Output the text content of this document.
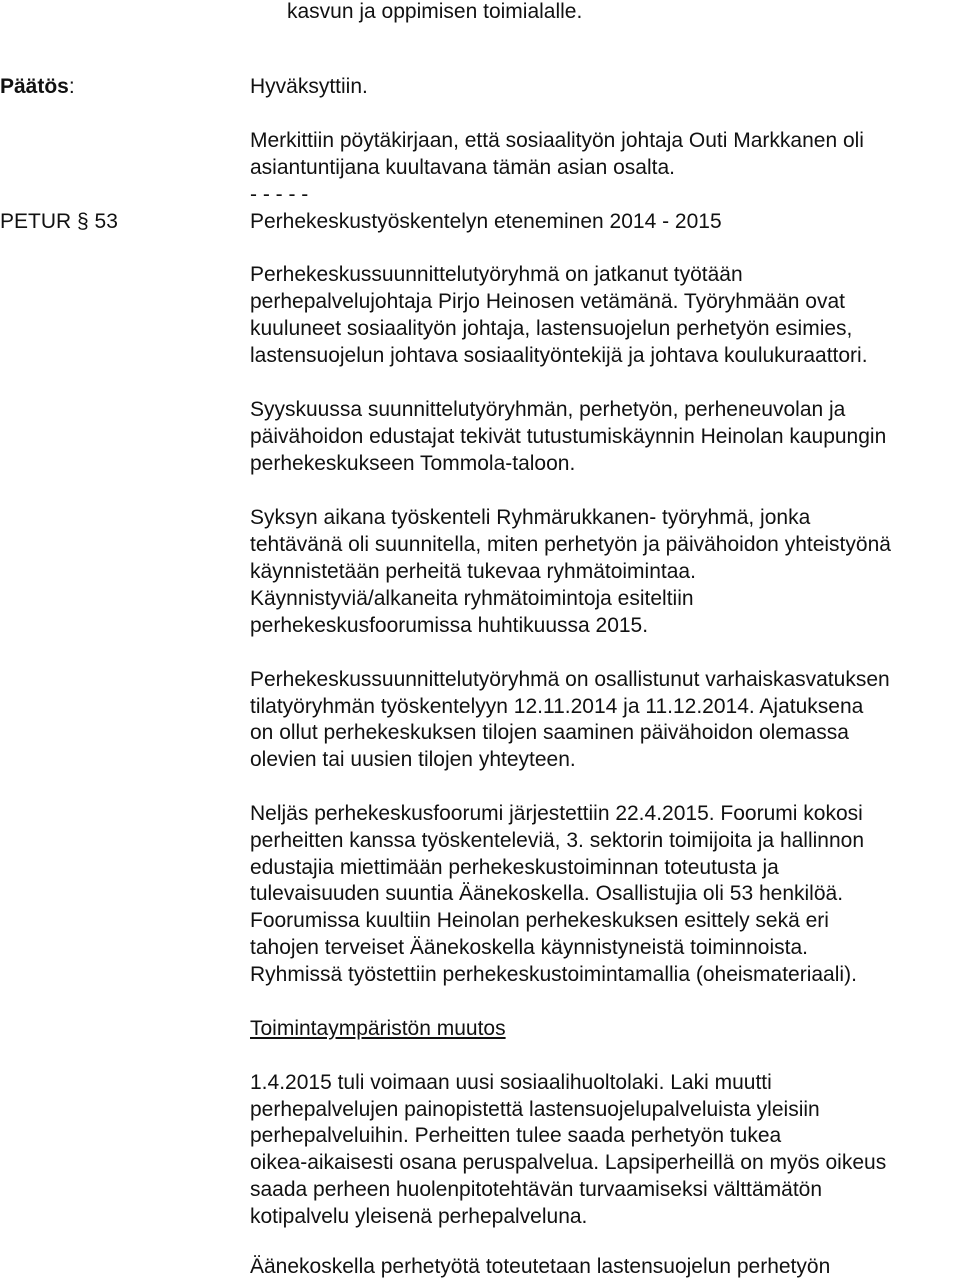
kasvun ja oppimisen toimialalle.
Päätös:	Hyväksyttiin.
Merkittiin pöytäkirjaan, että sosiaalityön johtaja Outi Markkanen oli
asiantuntijana kuultavana tämän asian osalta.
- - - - -
PETUR § 53	Perhekeskustyöskentelyn eteneminen 2014 - 2015
Perhekeskussuunnittelutyöryhmä on jatkanut työtään
perhepalvelujohtaja Pirjo Heinosen vetämänä. Työryhmään ovat
kuuluneet sosiaalityön johtaja, lastensuojelun perhetyön esimies,
lastensuojelun johtava sosiaalityöntekijä ja johtava koulukuraattori.
Syyskuussa suunnittelutyöryhmän, perhetyön, perheneuvolan ja
päivähoidon edustajat tekivät tutustumiskäynnin Heinolan kaupungin
perhekeskukseen Tommola-taloon.
Syksyn aikana työskenteli Ryhmärukkanen- työryhmä, jonka
tehtävänä oli suunnitella, miten perhetyön ja päivähoidon yhteistyönä
käynnistetään perheitä tukevaa ryhmätoimintaa.
Käynnistyviä/alkaneita ryhmätoimintoja esiteltiin
perhekeskusfoorumissa huhtikuussa 2015.
Perhekeskussuunnittelutyöryhmä on osallistunut varhaiskasvatuksen
tilatyöryhmän työskentelyyn 12.11.2014 ja 11.12.2014. Ajatuksena
on ollut perhekeskuksen tilojen saaminen päivähoidon olemassa
olevien tai uusien tilojen yhteyteen.
Neljäs perhekeskusfoorumi järjestettiin 22.4.2015. Foorumi kokosi
perheitten kanssa työskenteleviä, 3. sektorin toimijoita ja hallinnon
edustajia miettimään perhekeskustoiminnan toteutusta ja
tulevaisuuden suuntia Äänekoskella. Osallistujia oli 53 henkilöä.
Foorumissa kuultiin Heinolan perhekeskuksen esittely sekä eri
tahojen terveiset Äänekoskella käynnistyneistä toiminnoista.
Ryhmissä työstettiin perhekeskustoimintamallia (oheismateriaali).
Toimintaympäristön muutos
1.4.2015 tuli voimaan uusi sosiaalihuoltolaki. Laki muutti
perhepalvelujen painopistettä lastensuojelupalveluista yleisiin
perhepalveluihin. Perheitten tulee saada perhetyön tukea
oikea-aikaisesti osana peruspalvelua. Lapsiperheillä on myös oikeus
saada perheen huolenpitotehtävän turvaamiseksi välttämätön
kotipalvelu yleisenä perhepalveluna.
Äänekoskella perhetyötä toteutetaan lastensuojelun perhetyön
